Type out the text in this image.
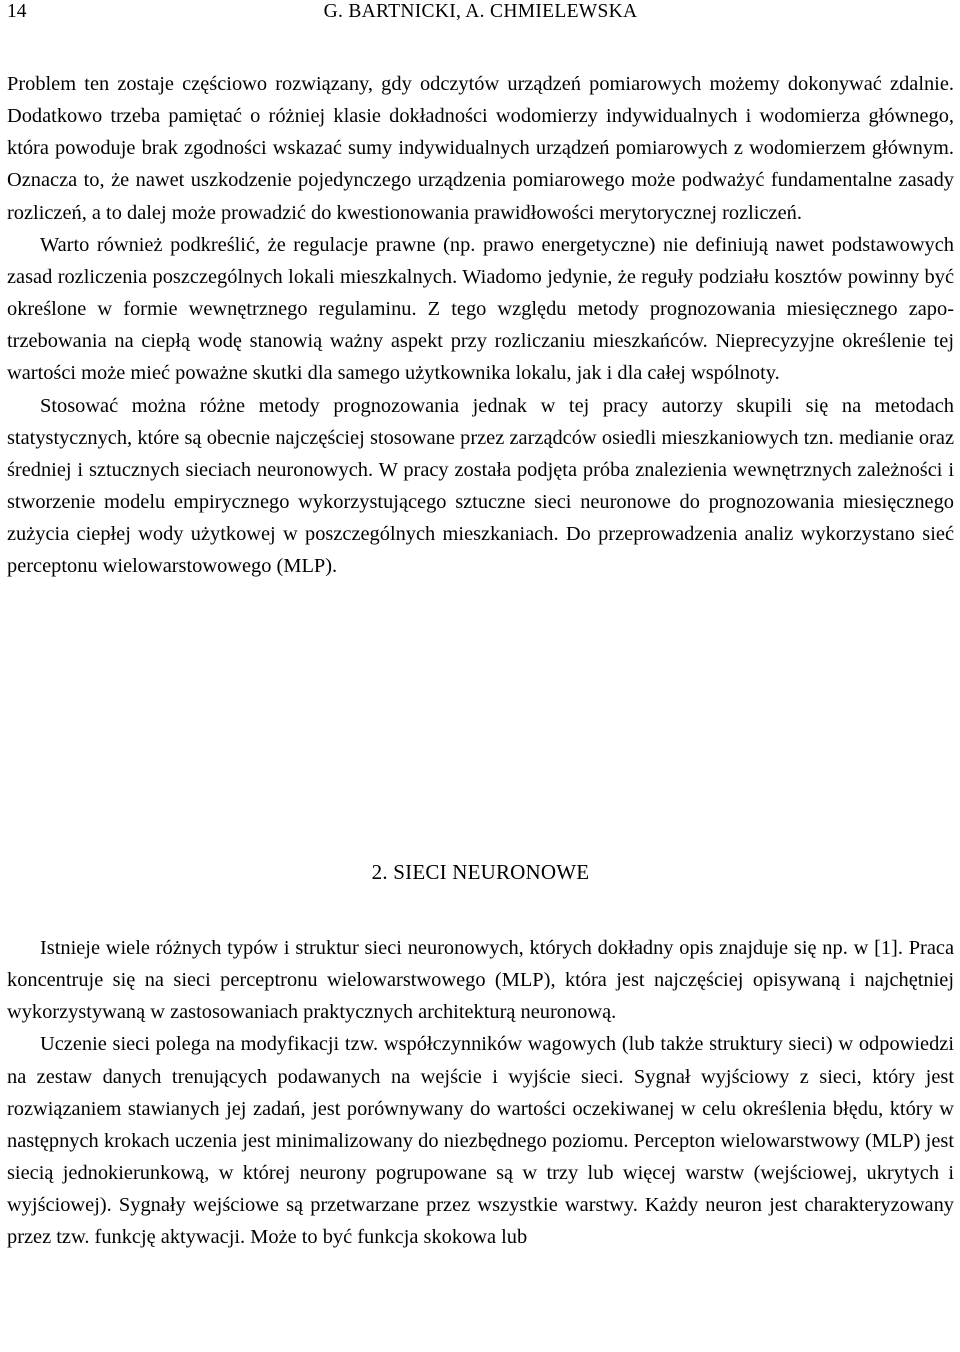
14	G. BARTNICKI, A. CHMIELEWSKA

Problem ten zostaje częściowo rozwiązany, gdy odczytów urządzeń pomiarowych możemy dokonywać zdalnie. Dodatkowo trzeba pamiętać o różniej klasie dokładności wodomierzy indywidualnych i wodomierza głównego, która powoduje brak zgodności wskazać sumy indywidualnych urządzeń pomiarowych z wodomierzem głównym. Oznacza to, że nawet uszkodzenie pojedynczego urządzenia pomiarowego może podważyć fundamentalne zasady rozliczeń, a to dalej może prowadzić do kwestionowania prawidłowości merytorycznej rozliczeń.

Warto również podkreślić, że regulacje prawne (np. prawo energetyczne) nie definiują nawet podstawowych zasad rozliczenia poszczególnych lokali mieszkalnych. Wiadomo jedynie, że reguły podziału kosztów powinny być określone w formie wewnętrznego regulaminu. Z tego względu metody prognozowania miesięcznego zapotrzebowania na ciepłą wodę stanowią ważny aspekt przy rozliczaniu mieszkańców. Nieprecyzyjne określenie tej wartości może mieć poważne skutki dla samego użytkownika lokalu, jak i dla całej wspólnoty.

Stosować można różne metody prognozowania jednak w tej pracy autorzy skupili się na metodach statystycznych, które są obecnie najczęściej stosowane przez zarządców osiedli mieszkaniowych tzn. medianie oraz średniej i sztucznych sieciach neuronowych. W pracy została podjęta próba znalezienia wewnętrznych zależności i stworzenie modelu empirycznego wykorzystującego sztuczne sieci neuronowe do prognozowania miesięcznego zużycia ciepłej wody użytkowej w poszczególnych mieszkaniach. Do przeprowadzenia analiz wykorzystano sieć perceptonu wielowarstowowego (MLP).

2. SIECI NEURONOWE

Istnieje wiele różnych typów i struktur sieci neuronowych, których dokładny opis znajduje się np. w [1]. Praca koncentruje się na sieci perceptronu wielowarstwowego (MLP), która jest najczęściej opisywaną i najchętniej wykorzystywaną w zastosowaniach praktycznych architekturą neuronową.

Uczenie sieci polega na modyfikacji tzw. współczynników wagowych (lub także struktury sieci) w odpowiedzi na zestaw danych trenujących podawanych na wejście i wyjście sieci. Sygnał wyjściowy z sieci, który jest rozwiązaniem stawianych jej zadań, jest porównywany do wartości oczekiwanej w celu określenia błędu, który w następnych krokach uczenia jest minimalizowany do niezbędnego poziomu. Percepton wielowarstwowy (MLP) jest siecią jednokierunkową, w której neurony pogrupowane są w trzy lub więcej warstw (wejściowej, ukrytych i wyjściowej). Sygnały wejściowe są przetwarzane przez wszystkie warstwy. Każdy neuron jest charakteryzowany przez tzw. funkcję aktywacji. Może to być funkcja skokowa lub
